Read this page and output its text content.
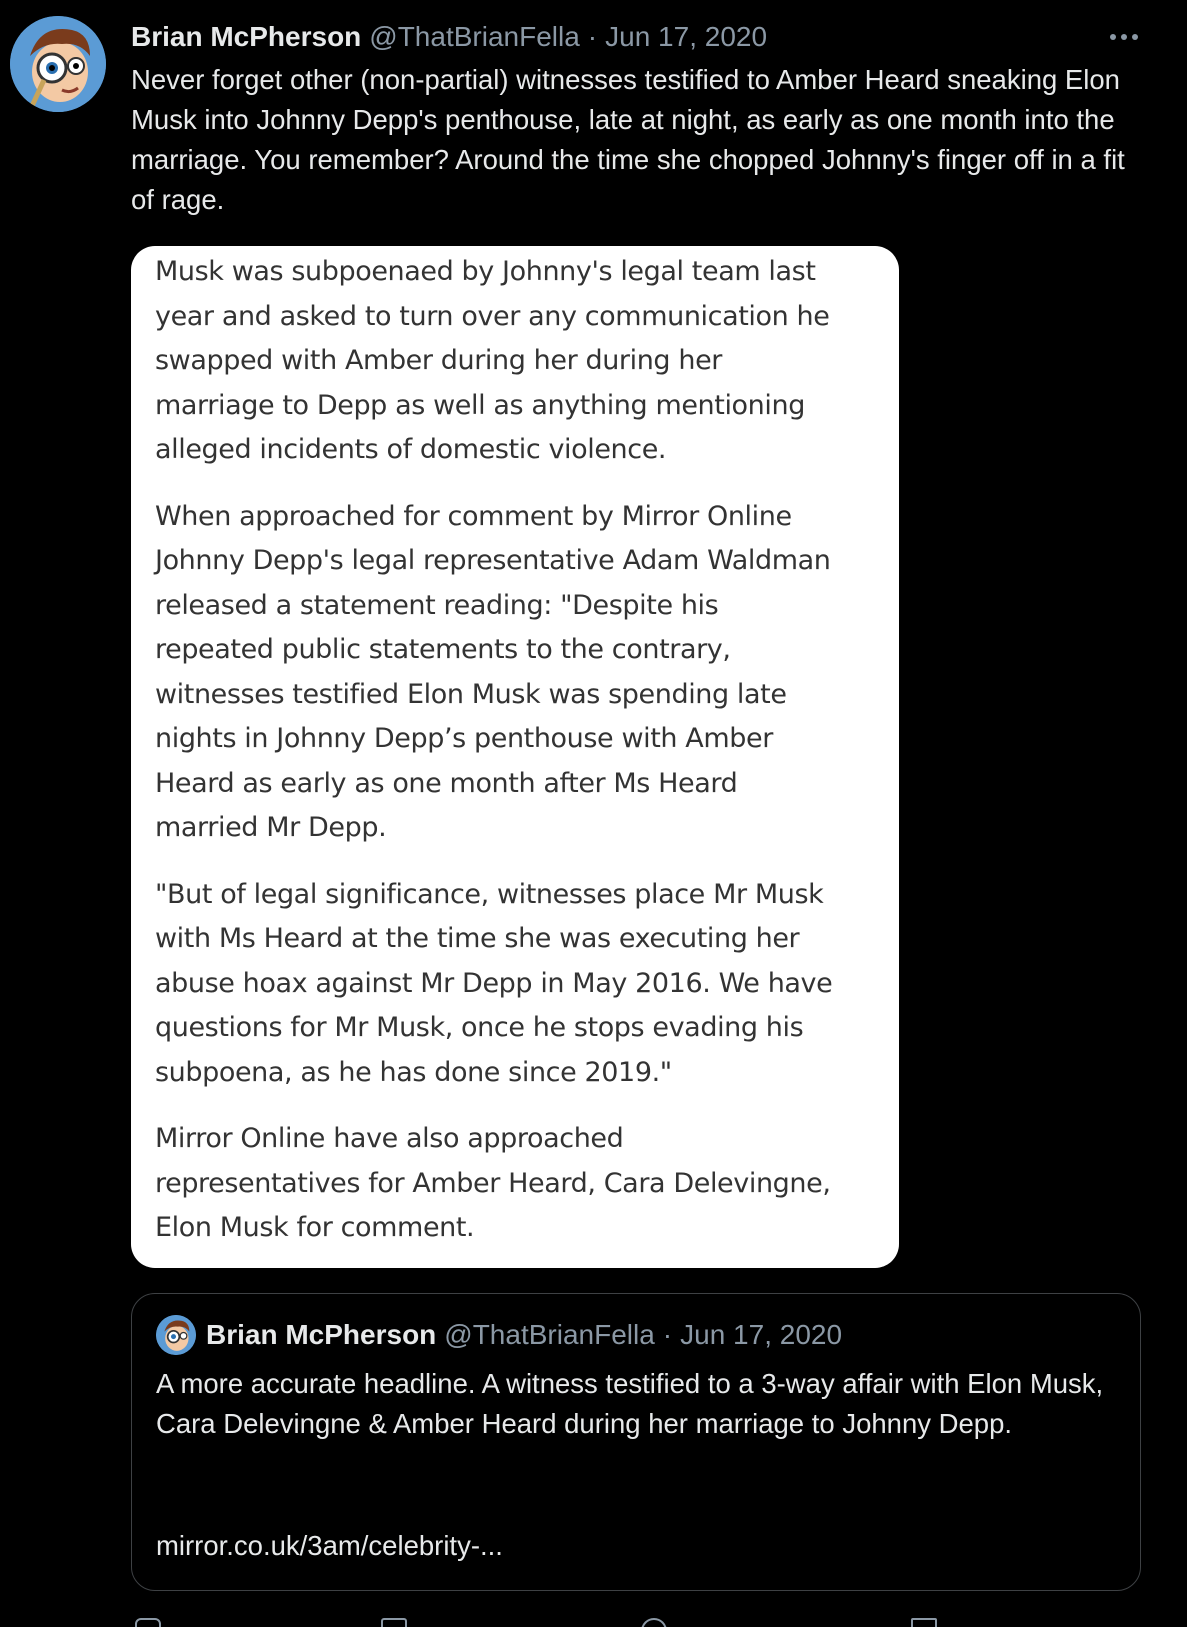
Brian McPherson @ThatBrianFella · Jun 17, 2020

Never forget other (non-partial) witnesses testified to Amber Heard sneaking Elon Musk into Johnny Depp's penthouse, late at night, as early as one month into the marriage. You remember? Around the time she chopped Johnny's finger off in a fit of rage.

Musk was subpoenaed by Johnny's legal team last
year and asked to turn over any communication he
swapped with Amber during her during her
marriage to Depp as well as anything mentioning
alleged incidents of domestic violence.

When approached for comment by Mirror Online
Johnny Depp's legal representative Adam Waldman
released a statement reading: "Despite his
repeated public statements to the contrary,
witnesses testified Elon Musk was spending late
nights in Johnny Depp’s penthouse with Amber
Heard as early as one month after Ms Heard
married Mr Depp.

"But of legal significance, witnesses place Mr Musk
with Ms Heard at the time she was executing her
abuse hoax against Mr Depp in May 2016. We have
questions for Mr Musk, once he stops evading his
subpoena, as he has done since 2019."

Mirror Online have also approached
representatives for Amber Heard, Cara Delevingne,
Elon Musk for comment.

Brian McPherson @ThatBrianFella · Jun 17, 2020

A more accurate headline. A witness testified to a 3-way affair with Elon Musk, Cara Delevingne & Amber Heard during her marriage to Johnny Depp.

mirror.co.uk/3am/celebrity-...
